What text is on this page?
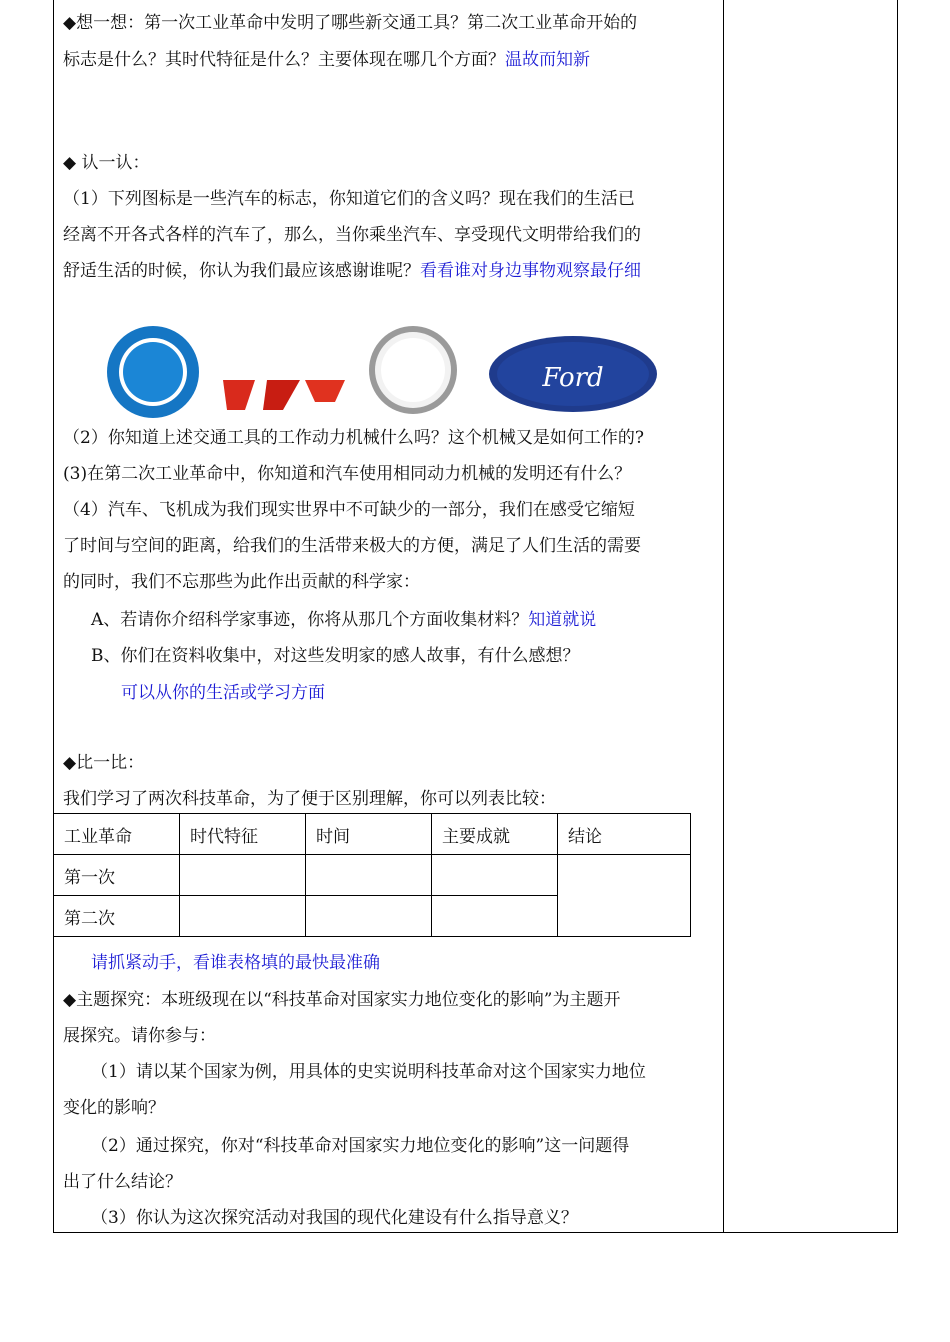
◆想一想：第一次工业革命中发明了哪些新交通工具？第二次工业革命开始的
标志是什么？其时代特征是什么？主要体现在哪几个方面？温故而知新
◆ 认一认：
（1）下列图标是一些汽车的标志，你知道它们的含义吗？现在我们的生活已
经离不开各式各样的汽车了，那么，当你乘坐汽车、享受现代文明带给我们的
舒适生活的时候，你认为我们最应该感谢谁呢？看看谁对身边事物观察最仔细
Ford
（2）你知道上述交通工具的工作动力机械什么吗？这个机械又是如何工作的?
(3)在第二次工业革命中，你知道和汽车使用相同动力机械的发明还有什么？
（4）汽车、飞机成为我们现实世界中不可缺少的一部分，我们在感受它缩短
了时间与空间的距离，给我们的生活带来极大的方便，满足了人们生活的需要
的同时，我们不忘那些为此作出贡献的科学家：
A、若请你介绍科学家事迹，你将从那几个方面收集材料？知道就说
B、你们在资料收集中，对这些发明家的感人故事，有什么感想？
可以从你的生活或学习方面
◆比一比：
我们学习了两次科技革命，为了便于区别理解，你可以列表比较：
工业革命	时代特征	时间	主要成就	结论
第一次				
第二次				
请抓紧动手，看谁表格填的最快最准确
◆主题探究：本班级现在以“科技革命对国家实力地位变化的影响”为主题开
展探究。请你参与：
（1）请以某个国家为例，用具体的史实说明科技革命对这个国家实力地位
变化的影响？
（2）通过探究，你对“科技革命对国家实力地位变化的影响”这一问题得
出了什么结论？
（3）你认为这次探究活动对我国的现代化建设有什么指导意义？
